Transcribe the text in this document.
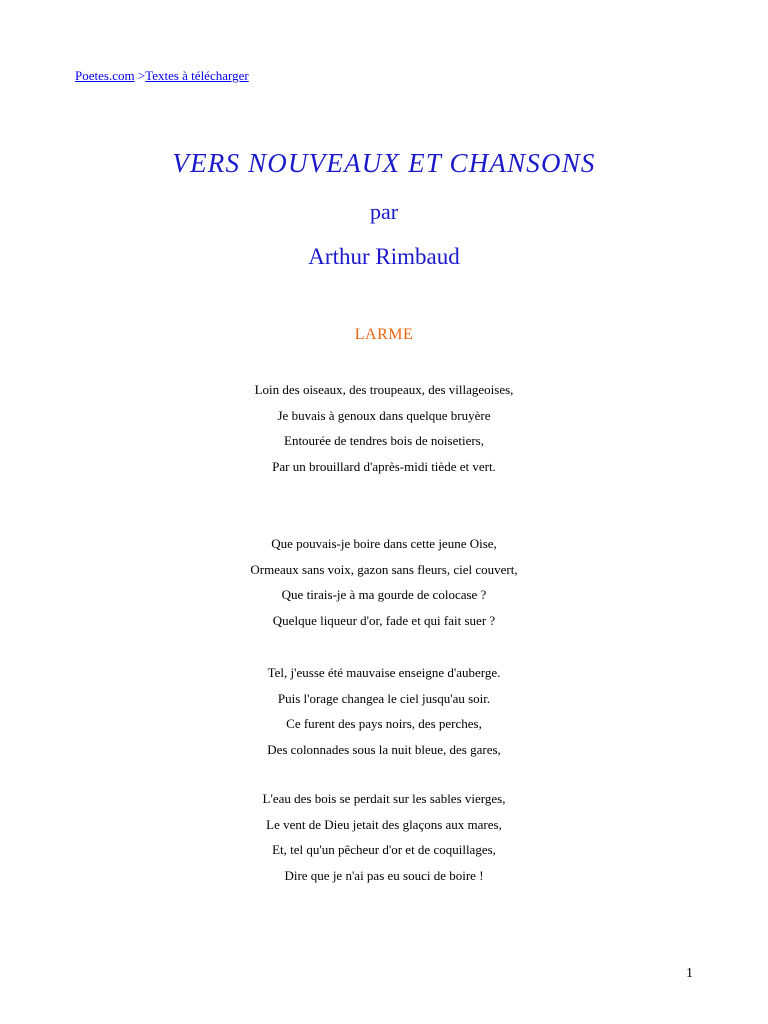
Poetes.com >Textes à télécharger
VERS NOUVEAUX ET CHANSONS
par
Arthur Rimbaud
LARME
Loin des oiseaux, des troupeaux, des villageoises,
Je buvais à genoux dans quelque bruyère
Entourée de tendres bois de noisetiers,
Par un brouillard d'après-midi tiède et vert.
Que pouvais-je boire dans cette jeune Oise,
Ormeaux sans voix, gazon sans fleurs, ciel couvert,
Que tirais-je à ma gourde de colocase ?
Quelque liqueur d'or, fade et qui fait suer ?
Tel, j'eusse été mauvaise enseigne d'auberge.
Puis l'orage changea le ciel jusqu'au soir.
Ce furent des pays noirs, des perches,
Des colonnades sous la nuit bleue, des gares,
L'eau des bois se perdait sur les sables vierges,
Le vent de Dieu jetait des glaçons aux mares,
Et, tel qu'un pêcheur d'or et de coquillages,
Dire que je n'ai pas eu souci de boire !
1
